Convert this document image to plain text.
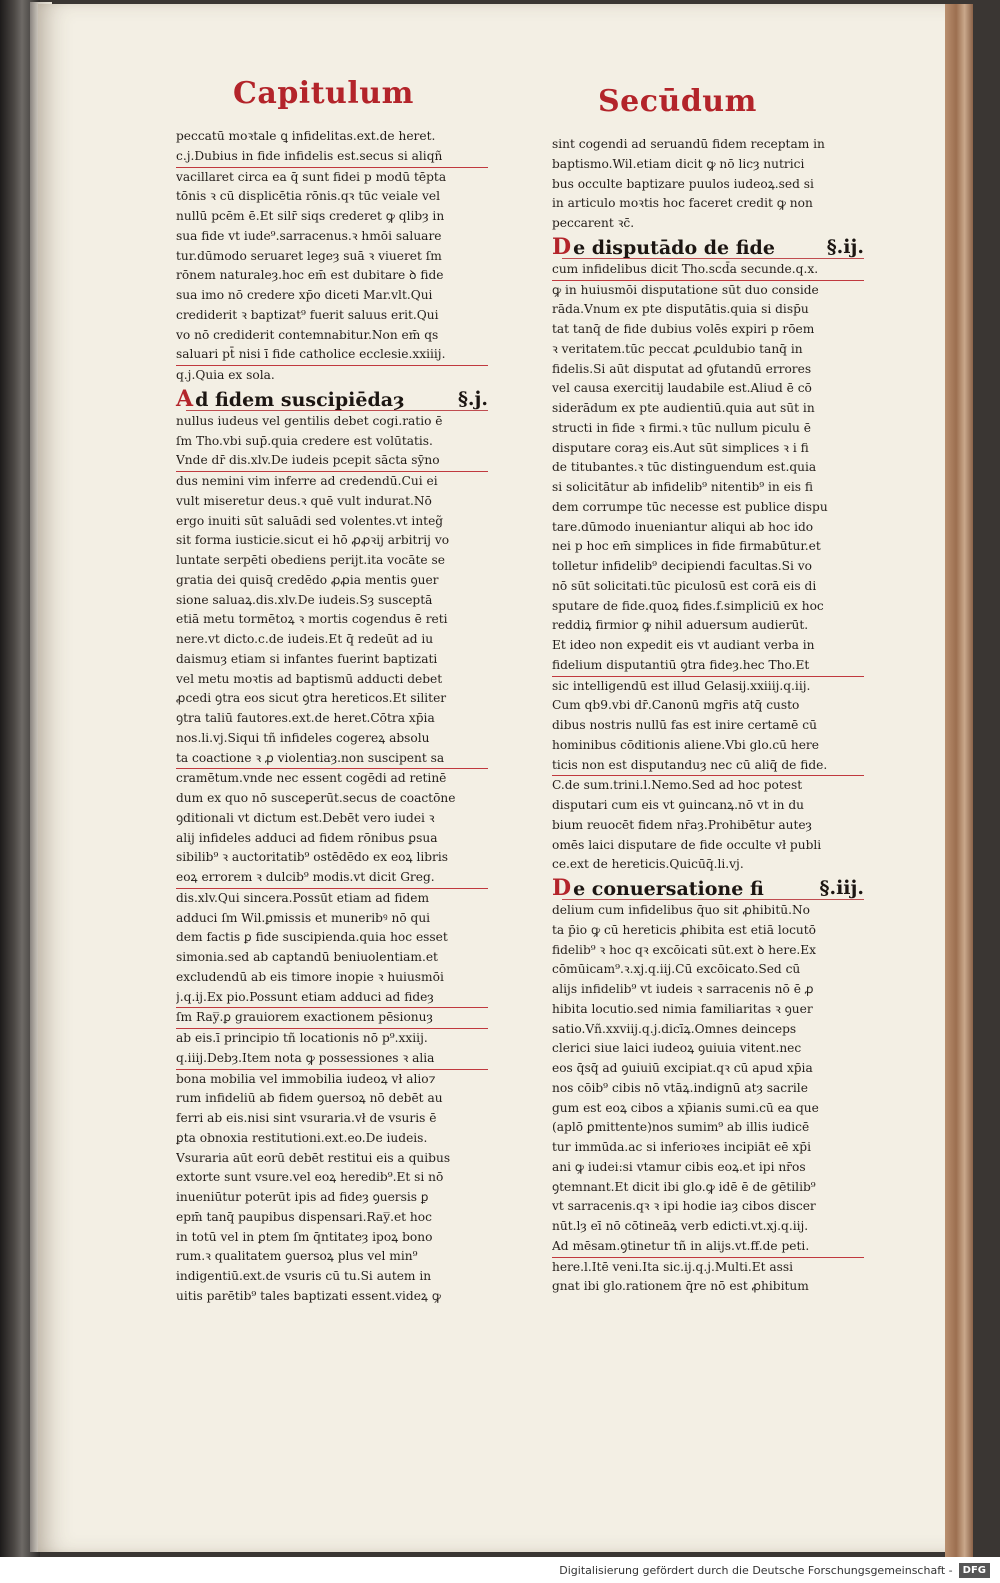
Capitulum	Secūdum
peccatū moꝛtale ꝗ infidelitas.ext.de heret.
c.j.Dubius in fide infidelis est.secus si aliqñ
vacillaret circa ea q̄ sunt fidei p modū tēpta
tōnis ꝛ cū displicētia rōnis.qꝛ tūc veiale vel
nullū pcēm ē.Et silr̄ siqs crederet ꝙ qlibȝ in
sua fide vt iude⁹.sarracenus.ꝛ hmōi saluare
tur.dūmodo seruaret legeȝ suā ꝛ viueret ſm
rōnem naturaleȝ.hoc em̄ est dubitare ꝺ fide
sua imo nō credere xp̄o diceti Mar.vlt.Qui
crediderit ꝛ baptizat⁹ fuerit saluus erit.Qui
vo nō crediderit contemnabitur.Non em̄ qs
saluari pt̄ nisi ī fide catholice ecclesie.xxiiij.
q.j.Quia ex sola.
A d fidem suscipiēdaȝ	§.j.
nullus iudeus vel gentilis debet cogi.ratio ē
ſm Tho.vbi sup̄.quia credere est volūtatis.
Vnde dr̄ dis.xlv.De iudeis pcepit sācta sȳno
dus nemini vim inferre ad credendū.Cui ei
vult miseretur deus.ꝛ quē vult indurat.Nō
ergo inuiti sūt saluādi sed volentes.vt integ̃
sit forma iusticie.sicut ei hō ꝓꝓꝛij arbitrij vo
luntate serpēti obediens perijt.ita vocāte se
gratia dei quisq̄ credēdo ꝓꝓia mentis ꝯuer
sione saluaꝝ.dis.xlv.De iudeis.Sȝ susceptā
etiā metu tormētoꝝ ꝛ mortis cogendus ē reti
nere.vt dicto.c.de iudeis.Et q̄ redeūt ad iu
daismuȝ etiam si infantes fuerint baptizati
vel metu moꝛtis ad baptismū adducti debet
ꝓcedi ꝯtra eos sicut ꝯtra hereticos.Et siliter
ꝯtra taliū fautores.ext.de heret.Cōtra xp̄ia
nos.li.vj.Siqui tñ infideles cogereꝝ absolu
ta coactione ꝛ ꝓ violentiaȝ.non suscipent sa
cramētum.vnde nec essent cogēdi ad retinē
dum ex quo nō susceꝑerūt.secus de coactōne
ꝯditionali vt dictum est.Debēt vero iudei ꝛ
alij infideles adduci ad fidem rōnibus ꝑsua
sibilib⁹ ꝛ auctoritatib⁹ ostēdēdo ex eoꝝ libris
eoꝝ errorem ꝛ dulcib⁹ modis.vt dicit Greg.
dis.xlv.Qui sincera.Possūt etiam ad fidem
adduci ſm Wil.ꝑmissis et muneribꝰ nō qui
dem factis ꝑ fide suscipienda.quia hoc esset
simonia.sed ab captandū beniuolentiam.et
excludendū ab eis timore inopie ꝛ huiusmōi
j.q.ij.Ex pio.Possunt etiam adduci ad fideȝ
ſm Ray̅.ꝑ grauiorem exactionem pēsionuȝ
ab eis.ī principio tñ locationis nō p⁹.xxiij.
q.iiij.Debȝ.Item nota ꝙ possessiones ꝛ alia
bona mobilia vel immobilia iudeoꝝ vł alio⁊
rum infideliū ab fidem ꝯuersoꝝ nō debēt au
ferri ab eis.nisi sint vsuraria.vł de vsuris ē
ꝑta obnoxia restitutioni.ext.eo.De iudeis.
Vsuraria aūt eorū debēt restitui eis a quibus
extorte sunt vsure.vel eoꝝ heredib⁹.Et si nō
inueniūtur poterūt ipis ad fideȝ ꝯuersis ꝑ
epm̄ tanq̄ paupibus dispensari.Ray̅.et hoc
in totū vel in ꝑtem ſm q̄ntitateȝ ipoꝝ bono
rum.ꝛ qualitatem ꝯuersoꝝ plus vel min⁹
indigentiū.ext.de vsuris cū tu.Si autem in
uitis parētib⁹ tales baptizati essent.videꝝ ꝙ
sint cogendi ad seruandū fidem receptam in
baptismo.Wil.etiam dicit ꝙ nō licȝ nutrici
bus occulte baptizare puulos iudeoꝝ.sed si
in articulo moꝛtis hoc faceret credit ꝙ non
peccarent ꝛc̄.
D e disputādo de fide	§.ij.
cum infidelibus dicit Tho.scd̄a secunde.q.x.
ꝙ in huiusmōi disputatione sūt duo conside
rāda.Vnum ex pte disputātis.quia si disp̄u
tat tanq̄ de fide dubius volēs expiri p rōem
ꝛ veritatem.tūc peccat ꝓculdubio tanq̄ in
fidelis.Si aūt disputat ad ꝯfutandū errores
vel causa exercitij laudabile est.Aliud ē cō
siderādum ex pte audientiū.quia aut sūt in
structi in fide ꝛ firmi.ꝛ tūc nullum piculu ē
disputare coraȝ eis.Aut sūt simplices ꝛ i fi
de titubantes.ꝛ tūc distinguendum est.quia
si solicitātur ab infidelib⁹ nitentib⁹ in eis fi
dem corrumpe tūc necesse est publice dispu
tare.dūmodo inueniantur aliqui ab hoc ido
nei p hoc em̄ simplices in fide firmabūtur.et
tolletur infidelib⁹ decipiendi facultas.Si vo
nō sūt solicitati.tūc piculosū est corā eis di
sputare de fide.quoꝝ fides.f.simpliciū ex hoc
reddiꝝ firmior ꝙ nihil aduersum audierūt.
Et ideo non expedit eis vt audiant verba in
fidelium disputantiū ꝯtra fideȝ.hec Tho.Et
sic intelligendū est illud Gelasij.xxiiij.q.iij.
Cum qb9.vbi dr̄.Canonū mgr̄is atq̄ custo
dibus nostris nullū fas est inire certamē cū
hominibus cōditionis aliene.Vbi glo.cū here
ticis non est disputanduȝ nec cū aliq̄ de fide.
C.de sum.trini.l.Nemo.Sed ad hoc potest
disputari cum eis vt ꝯuincanꝝ.nō vt in du
bium reuocēt fidem nr̄aȝ.Prohibētur auteȝ
omēs laici disputare de fide occulte vł publi
ce.ext de hereticis.Quicūq̄.li.vj.
D e conuersatione fi	§.iij.
delium cum infidelibus q̄uo sit ꝓhibitū.No
ta p̄io ꝙ cū hereticis ꝓhibita est etiā locutō
fidelib⁹ ꝛ hoc qꝛ excōicati sūt.ext ꝺ here.Ex
cōmūicam⁹.ꝛ.xj.q.iij.Cū excōicato.Sed cū
alijs infidelib⁹ vt iudeis ꝛ sarracenis nō ē ꝓ
hibita locutio.sed nimia familiaritas ꝛ ꝯuer
satio.Vñ.xxviij.q.j.dicīꝝ.Omnes deinceps
clerici siue laici iudeoꝝ ꝯuiuia vitent.nec
eos q̄sq̄ ad ꝯuiuiū excipiat.qꝛ cū apud xp̄ia
nos cōib⁹ cibis nō vtāꝝ.indignū atȝ sacrile
gum est eoꝝ cibos a xp̄ianis sumi.cū ea que
(aplō ꝑmittente)nos sumim⁹ ab illis iudicē
tur immūda.ac si inferioꝛes incipiāt eē xp̄i
ani ꝙ iudei:si vtamur cibis eoꝝ.et ipi nr̄os
ꝯtemnant.Et dicit ibi glo.ꝙ idē ē de gētilib⁹
vt sarracenis.qꝛ ꝛ ipi hodie iaȝ cibos discer
nūt.lȝ eī nō cōtineāꝝ verb edicti.vt.xj.q.iij.
Ad mēsam.ꝯtinetur tñ in alijs.vt.ff.de peti.
here.l.Itē veni.Ita sic.ij.q.j.Multi.Et assi
gnat ibi glo.rationem q̄re nō est ꝓhibitum
Digitalisierung gefördert durch die Deutsche Forschungsgemeinschaft -	DFG
